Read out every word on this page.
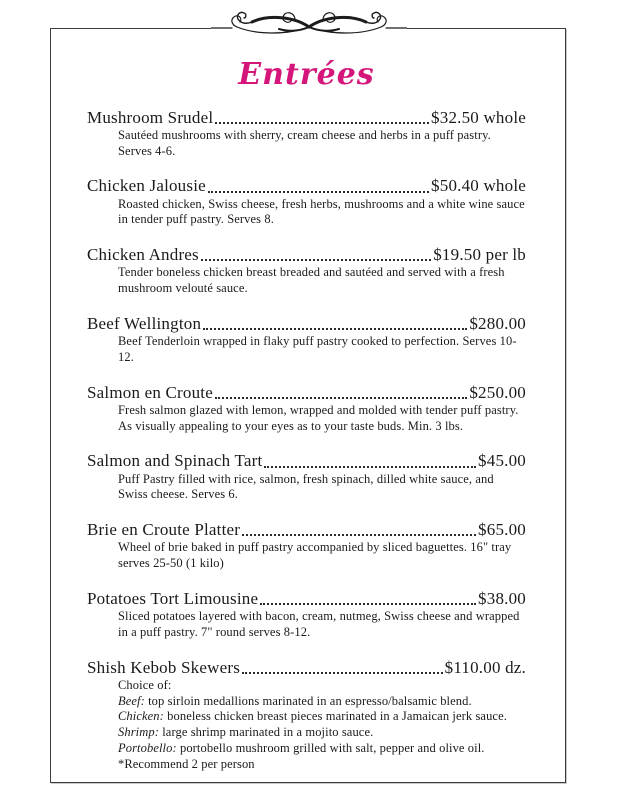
Entrées
Mushroom Srudel	$32.50 whole
Sautéed mushrooms with sherry, cream cheese and herbs in a puff pastry. Serves 4-6.
Chicken Jalousie	$50.40 whole
Roasted chicken, Swiss cheese, fresh herbs, mushrooms and a white wine sauce in tender puff pastry. Serves 8.
Chicken Andres	$19.50 per lb
Tender boneless chicken breast breaded and sautéed and served with a fresh mushroom velouté sauce.
Beef Wellington	$280.00
Beef Tenderloin wrapped in flaky puff pastry cooked to perfection. Serves 10-12.
Salmon en Croute	$250.00
Fresh salmon glazed with lemon, wrapped and molded with tender puff pastry. As visually appealing to your eyes as to your taste buds. Min. 3 lbs.
Salmon and Spinach Tart	$45.00
Puff Pastry filled with rice, salmon, fresh spinach, dilled white sauce, and Swiss cheese. Serves 6.
Brie en Croute Platter	$65.00
Wheel of brie baked in puff pastry accompanied by sliced baguettes. 16" tray serves 25-50 (1 kilo)
Potatoes Tort Limousine	$38.00
Sliced potatoes layered with bacon, cream, nutmeg, Swiss cheese and wrapped in a puff pastry. 7" round serves 8-12.
Shish Kebob Skewers	$110.00 dz.
Choice of:
Beef: top sirloin medallions marinated in an espresso/balsamic blend.
Chicken: boneless chicken breast pieces marinated in a Jamaican jerk sauce.
Shrimp: large shrimp marinated in a mojito sauce.
Portobello: portobello mushroom grilled with salt, pepper and olive oil.
*Recommend 2 per person
